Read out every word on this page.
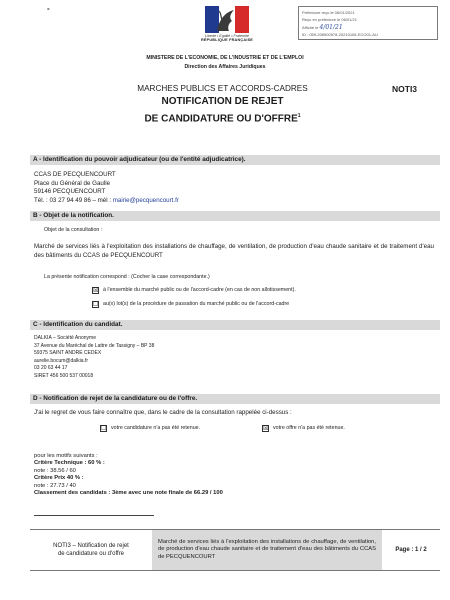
-
Liberté • Égalité • Fraternité
RÉPUBLIQUE FRANÇAISE
Préfecture reçu le 06/01/2021
Reçu en préfecture le 06/01/21
Affiché le 4/01/21
ID : 059-208900578-20210106-ECO01-AU
MINISTERE DE L'ECONOMIE, DE L'INDUSTRIE ET DE L'EMPLOI
Direction des Affaires Juridiques
MARCHES PUBLICS ET ACCORDS-CADRES	NOTI3
NOTIFICATION DE REJET
DE CANDIDATURE OU D'OFFRE$^1$
A - Identification du pouvoir adjudicateur (ou de l'entité adjudicatrice).
CCAS DE PECQUENCOURT
Place du Général de Gaulle
59146 PECQUENCOURT
Tél. : 03 27 94 49 86 – mél : mairie@pecquencourt.fr
B - Objet de la notification.
Objet de la consultation :
Marché de services liés à l'exploitation des installations de chauffage, de ventilation, de production d'eau chaude sanitaire et de traitement d'eau des bâtiments du CCAS de PECQUENCOURT
La présente notification correspond : (Cocher la case correspondante.)
☒ à l'ensemble du marché public ou de l'accord-cadre (en cas de non allotissement).
☐ au(x) lot(s) de la procédure de passation du marché public ou de l'accord-cadre
C - Identification du candidat.
DALKIA – Société Anonyme
37 Avenue du Maréchal de Lattre de Tassigny – BP 38
59375 SAINT ANDRE CEDEX
aurelie.bocum@dalkia.fr
03 20 63 44 17
SIRET 456 500 537 00018
D - Notification de rejet de la candidature ou de l'offre.
J'ai le regret de vous faire connaître que, dans le cadre de la consultation rappelée ci-dessus :
☐ votre candidature n'a pas été retenue.	☒ votre offre n'a pas été retenue.
pour les motifs suivants :
Critère Technique : 60 % :
note : 38.56 / 60
Critère Prix 40 % :
note : 27.73 / 40
Classement des candidats : 3ème avec une note finale de 66.29 / 100
NOTI3 – Notification de rejet
de candidature ou d'offre
Marché de services liés à l'exploitation des installations de chauffage, de ventilation, de production d'eau chaude sanitaire et de traitement d'eau des bâtiments du CCAS de PECQUENCOURT
Page : 1 / 2
